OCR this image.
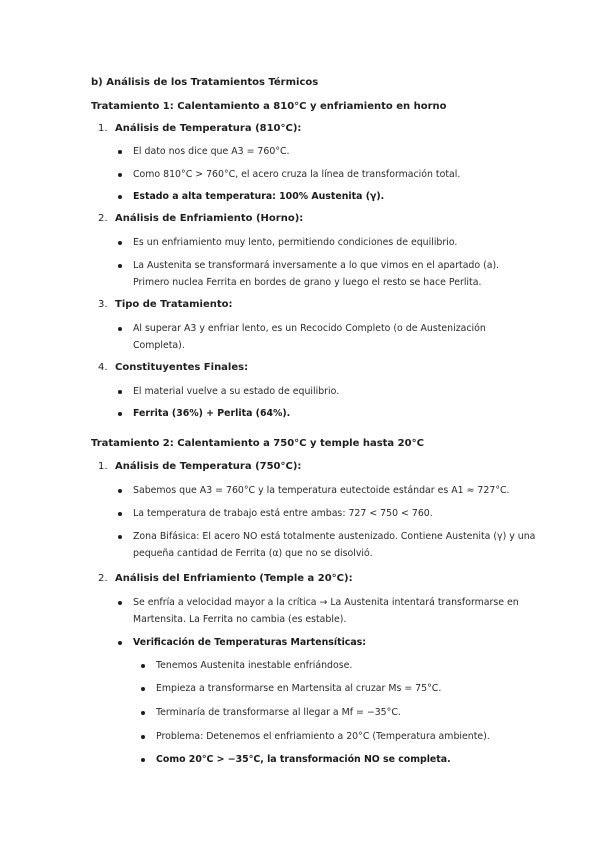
b) Análisis de los Tratamientos Térmicos
Tratamiento 1: Calentamiento a 810°C y enfriamiento en horno
1. Análisis de Temperatura (810°C):
El dato nos dice que A3 = 760°C.
Como 810°C > 760°C, el acero cruza la línea de transformación total.
Estado a alta temperatura: 100% Austenita (γ).
2. Análisis de Enfriamiento (Horno):
Es un enfriamiento muy lento, permitiendo condiciones de equilibrio.
La Austenita se transformará inversamente a lo que vimos en el apartado (a). Primero nuclea Ferrita en bordes de grano y luego el resto se hace Perlita.
3. Tipo de Tratamiento:
Al superar A3 y enfriar lento, es un Recocido Completo (o de Austenización Completa).
4. Constituyentes Finales:
El material vuelve a su estado de equilibrio.
Ferrita (36%) + Perlita (64%).
Tratamiento 2: Calentamiento a 750°C y temple hasta 20°C
1. Análisis de Temperatura (750°C):
Sabemos que A3 = 760°C y la temperatura eutectoide estándar es A1 ≈ 727°C.
La temperatura de trabajo está entre ambas: 727 < 750 < 760.
Zona Bifásica: El acero NO está totalmente austenizado. Contiene Austenita (γ) y una pequeña cantidad de Ferrita (α) que no se disolvió.
2. Análisis del Enfriamiento (Temple a 20°C):
Se enfría a velocidad mayor a la crítica → La Austenita intentará transformarse en Martensita. La Ferrita no cambia (es estable).
Verificación de Temperaturas Martensíticas:
Tenemos Austenita inestable enfriándose.
Empieza a transformarse en Martensita al cruzar Ms = 75°C.
Terminaría de transformarse al llegar a Mf = −35°C.
Problema: Detenemos el enfriamiento a 20°C (Temperatura ambiente).
Como 20°C > −35°C, la transformación NO se completa.
